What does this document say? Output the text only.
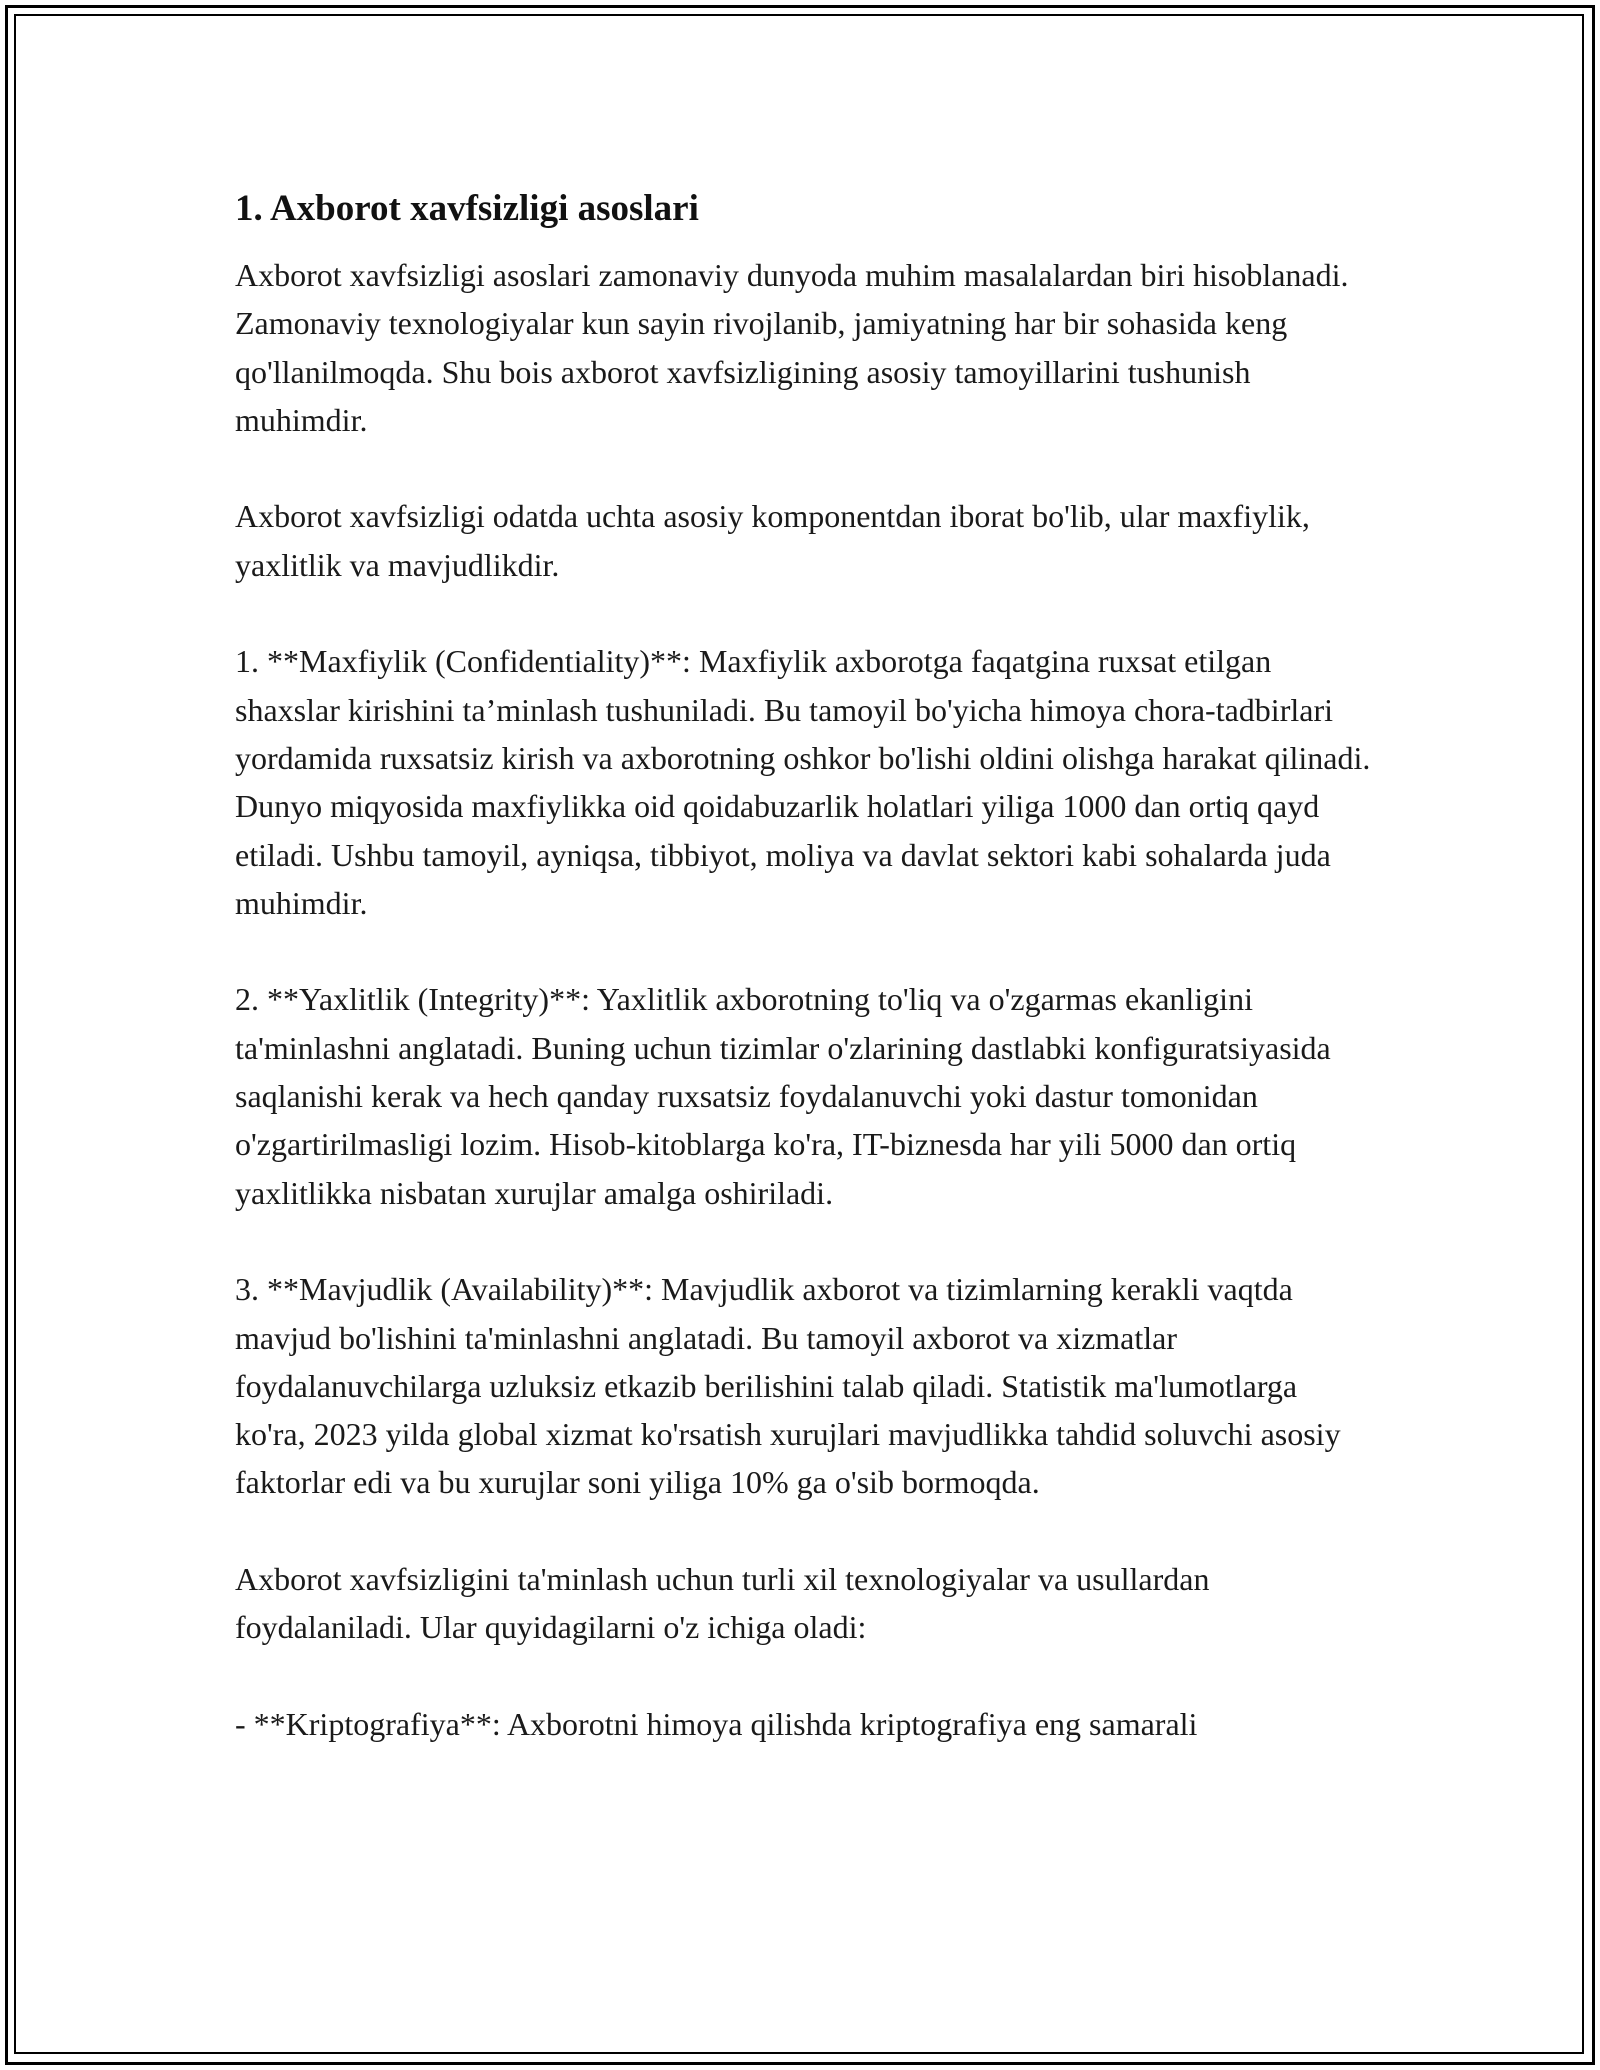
1. Axborot xavfsizligi asoslari

Axborot xavfsizligi asoslari zamonaviy dunyoda muhim masalalardan biri hisoblanadi. Zamonaviy texnologiyalar kun sayin rivojlanib, jamiyatning har bir sohasida keng qo'llanilmoqda. Shu bois axborot xavfsizligining asosiy tamoyillarini tushunish muhimdir.

Axborot xavfsizligi odatda uchta asosiy komponentdan iborat bo'lib, ular maxfiylik, yaxlitlik va mavjudlikdir.

1. **Maxfiylik (Confidentiality)**: Maxfiylik axborotga faqatgina ruxsat etilgan shaxslar kirishini ta’minlash tushuniladi. Bu tamoyil bo'yicha himoya chora-tadbirlari yordamida ruxsatsiz kirish va axborotning oshkor bo'lishi oldini olishga harakat qilinadi. Dunyo miqyosida maxfiylikka oid qoidabuzarlik holatlari yiliga 1000 dan ortiq qayd etiladi. Ushbu tamoyil, ayniqsa, tibbiyot, moliya va davlat sektori kabi sohalarda juda muhimdir.

2. **Yaxlitlik (Integrity)**: Yaxlitlik axborotning to'liq va o'zgarmas ekanligini ta'minlashni anglatadi. Buning uchun tizimlar o'zlarining dastlabki konfiguratsiyasida saqlanishi kerak va hech qanday ruxsatsiz foydalanuvchi yoki dastur tomonidan o'zgartirilmasligi lozim. Hisob-kitoblarga ko'ra, IT-biznesda har yili 5000 dan ortiq yaxlitlikka nisbatan xurujlar amalga oshiriladi.

3. **Mavjudlik (Availability)**: Mavjudlik axborot va tizimlarning kerakli vaqtda mavjud bo'lishini ta'minlashni anglatadi. Bu tamoyil axborot va xizmatlar foydalanuvchilarga uzluksiz etkazib berilishini talab qiladi. Statistik ma'lumotlarga ko'ra, 2023 yilda global xizmat ko'rsatish xurujlari mavjudlikka tahdid soluvchi asosiy faktorlar edi va bu xurujlar soni yiliga 10% ga o'sib bormoqda.

Axborot xavfsizligini ta'minlash uchun turli xil texnologiyalar va usullardan foydalaniladi. Ular quyidagilarni o'z ichiga oladi:

- **Kriptografiya**: Axborotni himoya qilishda kriptografiya eng samarali
